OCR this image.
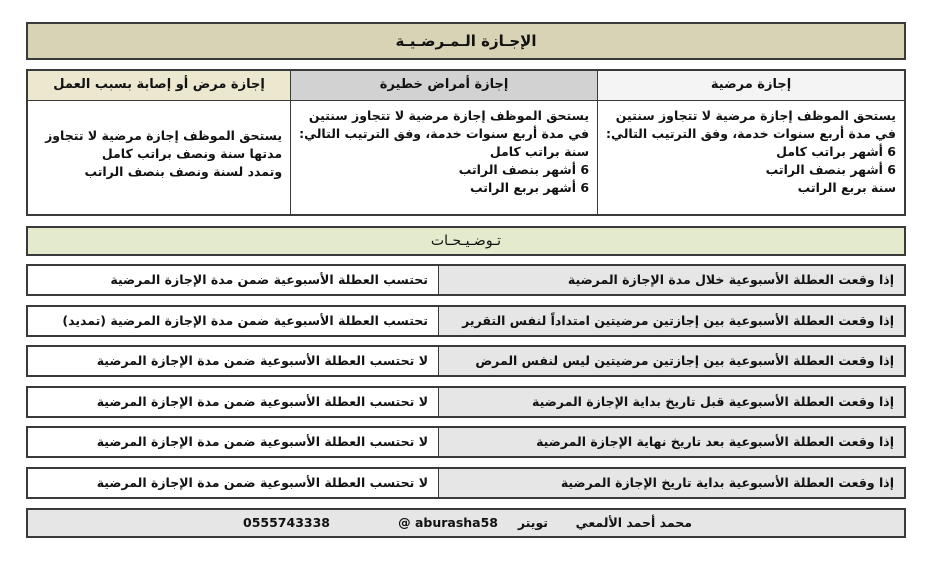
الإجـازة الـمـرضـيـة
إجازة مرضية

يستحق الموظف إجازة مرضية لا تتجاوز سنتين

في مدة أربع سنوات خدمة، وفق الترتيب التالي:

6 أشهر براتب كامل

6 أشهر بنصف الراتب

سنة بربع الراتب

إجازة أمراض خطيرة

يستحق الموظف إجازة مرضية لا تتجاوز سنتين

في مدة أربع سنوات خدمة، وفق الترتيب التالي:

سنة براتب كامل

6 أشهر بنصف الراتب

6 أشهر بربع الراتب

إجازة مرض أو إصابة بسبب العمل

يستحق الموظف إجازة مرضية لا تتجاوز

مدتها سنة ونصف براتب كامل

وتمدد لسنة ونصف بنصف الراتب

تـوضـيـحـات
إذا وقعت العطلة الأسبوعية خلال مدة الإجازة المرضية
تحتسب العطلة الأسبوعية ضمن مدة الإجازة المرضية
إذا وقعت العطلة الأسبوعية بين إجازتين مرضيتين امتداداً لنفس التقرير
تحتسب العطلة الأسبوعية ضمن مدة الإجازة المرضية (تمديد)
إذا وقعت العطلة الأسبوعية بين إجازتين مرضيتين ليس لنفس المرض
لا تحتسب العطلة الأسبوعية ضمن مدة الإجازة المرضية
إذا وقعت العطلة الأسبوعية قبل تاريخ بداية الإجازة المرضية
لا تحتسب العطلة الأسبوعية ضمن مدة الإجازة المرضية
إذا وقعت العطلة الأسبوعية بعد تاريخ نهاية الإجازة المرضية
لا تحتسب العطلة الأسبوعية ضمن مدة الإجازة المرضية
إذا وقعت العطلة الأسبوعية بداية تاريخ الإجازة المرضية
لا تحتسب العطلة الأسبوعية ضمن مدة الإجازة المرضية
محمد أحمد الألمعي
تويتر
@ aburasha58
0555743338
